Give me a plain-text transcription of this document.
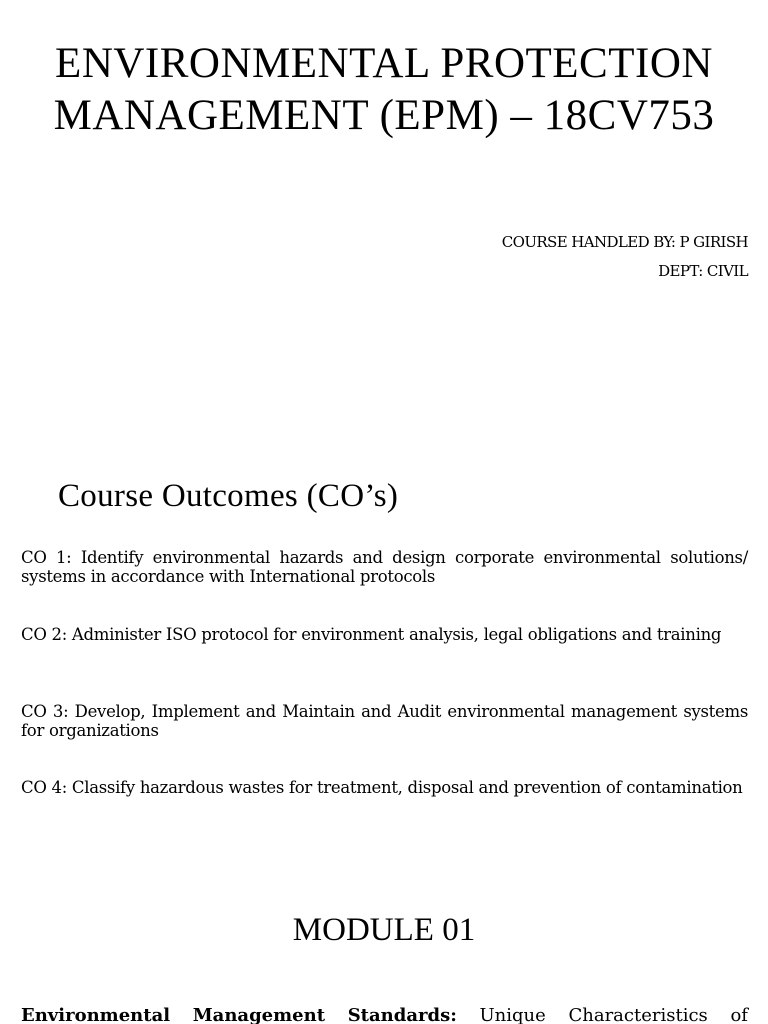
ENVIRONMENTAL PROTECTION
MANAGEMENT (EPM) – 18CV753
COURSE HANDLED BY: P GIRISH
DEPT: CIVIL
Course Outcomes (CO’s)

CO 1: Identify environmental hazards and design corporate environmental solutions/ systems in accordance with International protocols

CO 2: Administer ISO protocol for environment analysis, legal obligations and training

CO 3: Develop, Implement and Maintain and Audit environmental management systems for organizations

CO 4: Classify hazardous wastes for treatment, disposal and prevention of contamination

MODULE 01

Environmental Management Standards: Unique Characteristics of
